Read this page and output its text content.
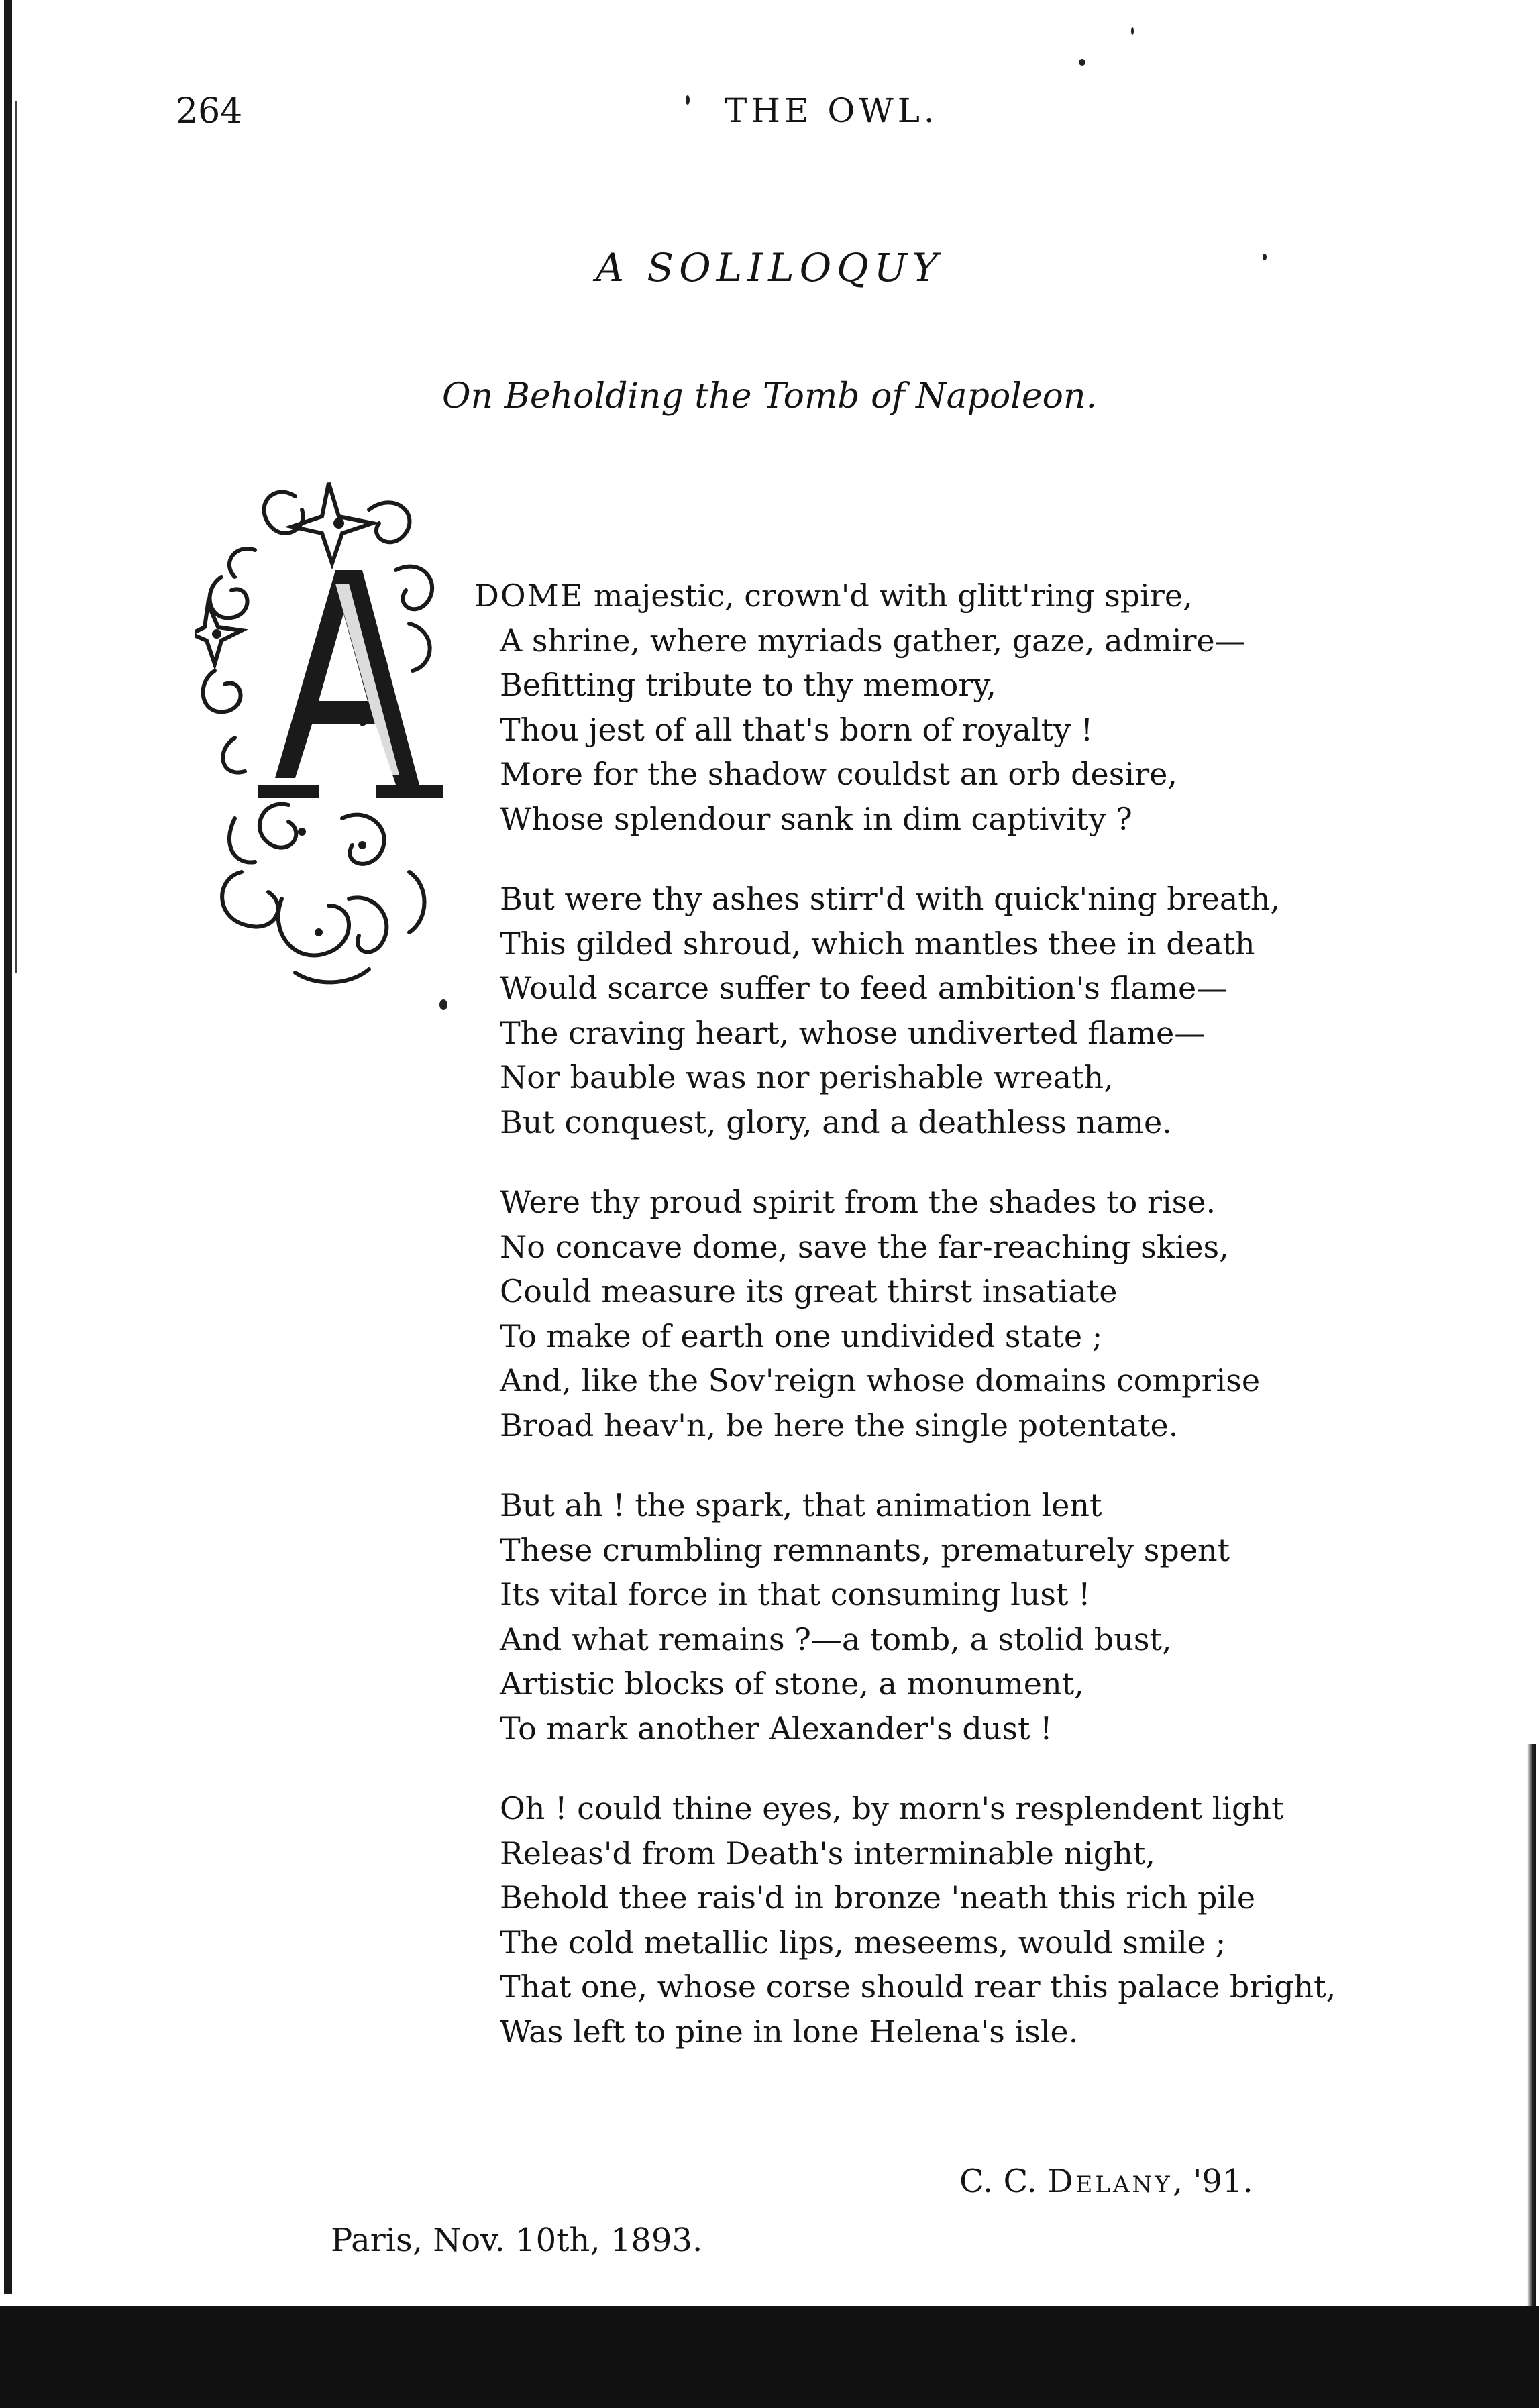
264	THE OWL.
A SOLILOQUY
On Beholding the Tomb of Napoleon.
DOME majestic, crown'd with glitt'ring spire,
A shrine, where myriads gather, gaze, admire—
Befitting tribute to thy memory,
Thou jest of all that's born of royalty !
More for the shadow couldst an orb desire,
Whose splendour sank in dim captivity ?
But were thy ashes stirr'd with quick'ning breath,
This gilded shroud, which mantles thee in death
Would scarce suffer to feed ambition's flame—
The craving heart, whose undiverted flame—
Nor bauble was nor perishable wreath,
But conquest, glory, and a deathless name.
Were thy proud spirit from the shades to rise.
No concave dome, save the far-reaching skies,
Could measure its great thirst insatiate
To make of earth one undivided state ;
And, like the Sov'reign whose domains comprise
Broad heav'n, be here the single potentate.
But ah ! the spark, that animation lent
These crumbling remnants, prematurely spent
Its vital force in that consuming lust !
And what remains ?—a tomb, a stolid bust,
Artistic blocks of stone, a monument,
To mark another Alexander's dust !
Oh ! could thine eyes, by morn's resplendent light
Releas'd from Death's interminable night,
Behold thee rais'd in bronze 'neath this rich pile
The cold metallic lips, meseems, would smile ;
That one, whose corse should rear this palace bright,
Was left to pine in lone Helena's isle.
C. C. Delany, '91.
Paris, Nov. 10th, 1893.
